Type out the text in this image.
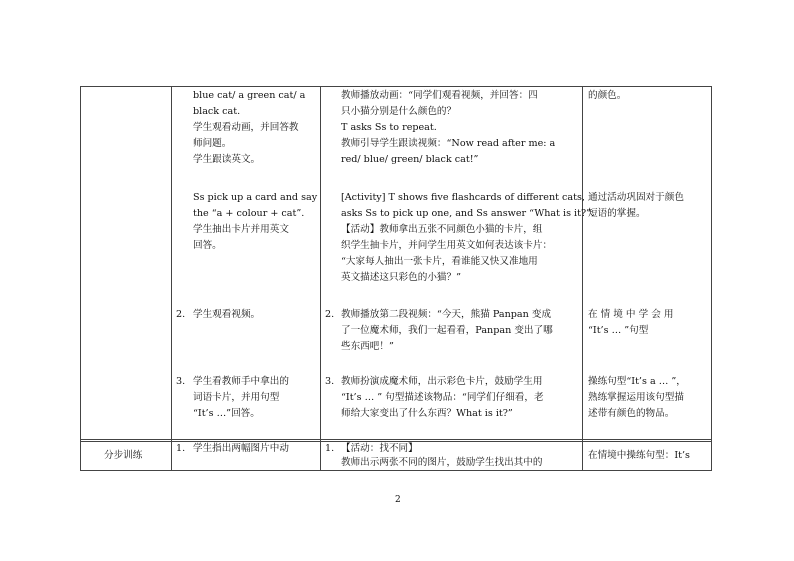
blue cat/ a green cat/ a
black cat.
学生观看动画，并回答教
师问题。
学生跟读英文。
Ss pick up a card and say
the “a + colour + cat”.
学生抽出卡片并用英文
回答。
教师播放动画：“同学们观看视频，并回答：四
只小猫分别是什么颜色的？
T asks Ss to repeat.
教师引导学生跟读视频：“Now read after me: a
red/ blue/ green/ black cat!”
[Activity] T shows five flashcards of different cats,
asks Ss to pick up one, and Ss answer “What is it?”.
【活动】教师拿出五张不同颜色小猫的卡片，组
织学生抽卡片，并问学生用英文如何表达该卡片：
“大家每人抽出一张卡片，看谁能又快又准地用
英文描述这只彩色的小猫？”
的颜色。
通过活动巩固对于颜色
短语的掌握。
2. 学生观看视频。	2. 教师播放第二段视频：“今天，熊猫 Panpan 变成
了一位魔术师，我们一起看看，Panpan 变出了哪
些东西吧！”
在 情 境 中 学 会 用
“It’s … ”句型
3. 学生看教师手中拿出的
词语卡片，并用句型
“It’s …”回答。
3. 教师扮演成魔术师，出示彩色卡片，鼓励学生用
“It’s … ” 句型描述该物品：“同学们仔细看，老
师给大家变出了什么东西？What is it?”
操练句型“It’s a … ”，
熟练掌握运用该句型描
述带有颜色的物品。
分步训练
1. 学生指出两幅图片中动	1. 【活动：找不同】
教师出示两张不同的图片，鼓励学生找出其中的
在情境中操练句型：It’s
2
